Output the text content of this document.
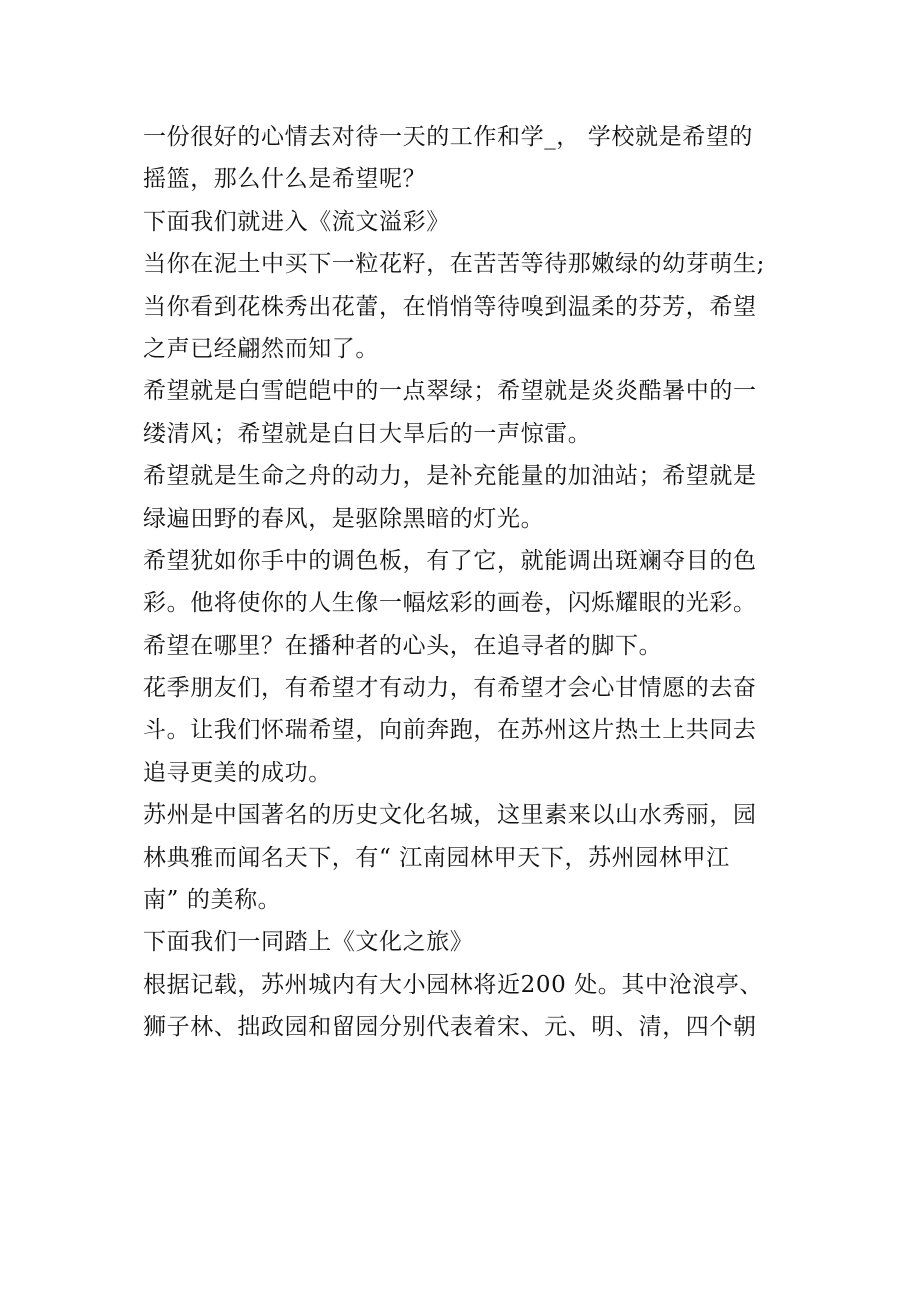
一份很好的心情去对待一天的工作和学_， 学校就是希望的
摇篮，那么什么是希望呢？
下面我们就进入《流文溢彩》
当你在泥土中买下一粒花籽，在苦苦等待那嫩绿的幼芽萌生;
当你看到花株秀出花蕾，在悄悄等待嗅到温柔的芬芳，希望
之声已经翩然而知了。
希望就是白雪皑皑中的一点翠绿；希望就是炎炎酷暑中的一
缕清风；希望就是白日大旱后的一声惊雷。
希望就是生命之舟的动力，是补充能量的加油站；希望就是
绿遍田野的春风，是驱除黑暗的灯光。
希望犹如你手中的调色板，有了它，就能调出斑斓夺目的色
彩。他将使你的人生像一幅炫彩的画卷，闪烁耀眼的光彩。
希望在哪里？在播种者的心头，在追寻者的脚下。
花季朋友们，有希望才有动力，有希望才会心甘情愿的去奋
斗。让我们怀瑞希望，向前奔跑，在苏州这片热土上共同去
追寻更美的成功。
苏州是中国著名的历史文化名城，这里素来以山水秀丽，园
林典雅而闻名天下，有“ 江南园林甲天下，苏州园林甲江
南” 的美称。
下面我们一同踏上《文化之旅》
根据记载，苏州城内有大小园林将近200 处。其中沧浪亭、
狮子林、拙政园和留园分别代表着宋、元、明、清，四个朝
